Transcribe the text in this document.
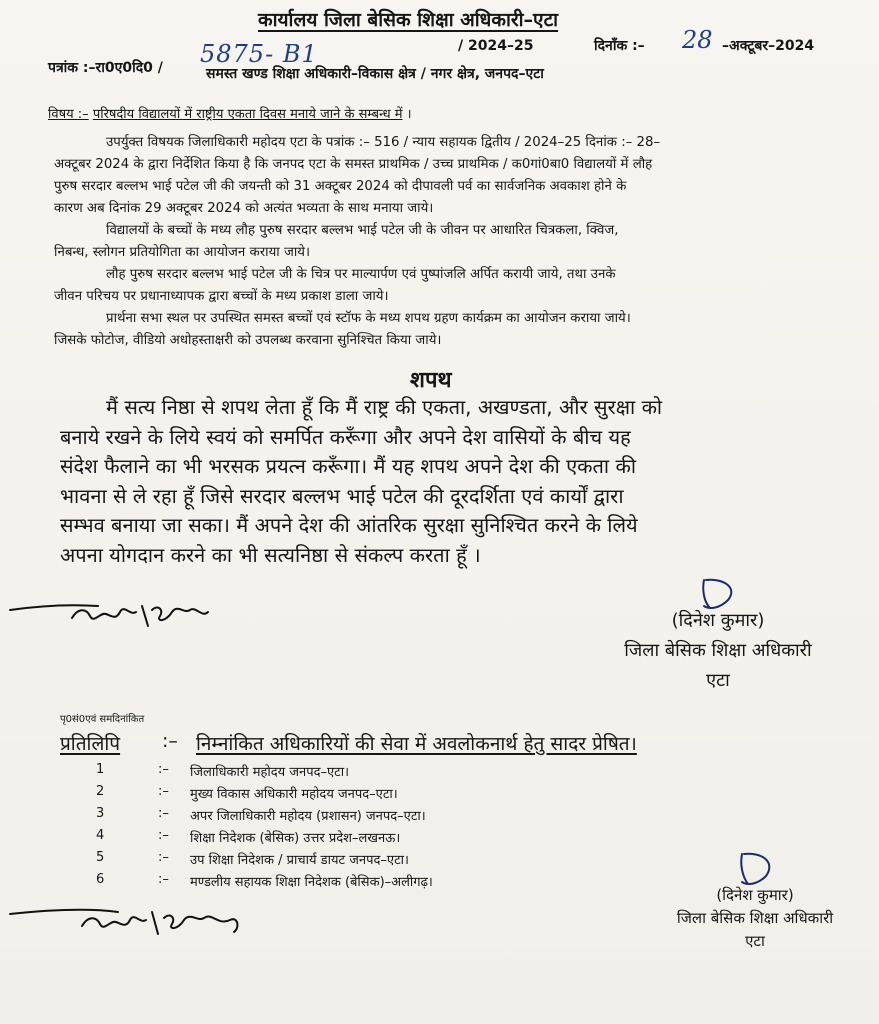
कार्यालय जिला बेसिक शिक्षा अधिकारी–एटा
पत्रांक :–रा0ए0दि0 / 5875- B1	/ 2024–25	दिनाँक :– 28 –अक्टूबर–2024
समस्त खण्ड शिक्षा अधिकारी–विकास क्षेत्र / नगर क्षेत्र, जनपद–एटा
विषय :– परिषदीय विद्यालयों में राष्ट्रीय एकता दिवस मनाये जाने के सम्बन्ध में ।
उपर्युक्त विषयक जिलाधिकारी महोदय एटा के पत्रांक :– 516 / न्याय सहायक द्वितीय / 2024–25 दिनांक :– 28–
अक्टूबर 2024 के द्वारा निर्देशित किया है कि जनपद एटा के समस्त प्राथमिक / उच्च प्राथमिक / क0गां0बा0 विद्यालयों में लौह
पुरुष सरदार बल्लभ भाई पटेल जी की जयन्ती को 31 अक्टूबर 2024 को दीपावली पर्व का सार्वजनिक अवकाश होने के
कारण अब दिनांक 29 अक्टूबर 2024 को अत्यंत भव्यता के साथ मनाया जाये।
विद्यालयों के बच्चों के मध्य लौह पुरुष सरदार बल्लभ भाई पटेल जी के जीवन पर आधारित चित्रकला, क्विज,
निबन्ध, स्लोगन प्रतियोगिता का आयोजन कराया जाये।
लौह पुरुष सरदार बल्लभ भाई पटेल जी के चित्र पर माल्यार्पण एवं पुष्पांजलि अर्पित करायी जाये, तथा उनके
जीवन परिचय पर प्रधानाध्यापक द्वारा बच्चों के मध्य प्रकाश डाला जाये।
प्रार्थना सभा स्थल पर उपस्थित समस्त बच्चों एवं स्टॉफ के मध्य शपथ ग्रहण कार्यक्रम का आयोजन कराया जाये।
जिसके फोटोज, वीडियो अधोहस्ताक्षरी को उपलब्ध करवाना सुनिश्चित किया जाये।
शपथ
मैं सत्य निष्ठा से शपथ लेता हूँ कि मैं राष्ट्र की एकता, अखण्डता, और सुरक्षा को
बनाये रखने के लिये स्वयं को समर्पित करूँगा और अपने देश वासियों के बीच यह
संदेश फैलाने का भी भरसक प्रयत्न करूँगा। मैं यह शपथ अपने देश की एकता की
भावना से ले रहा हूँ जिसे सरदार बल्लभ भाई पटेल की दूरदर्शिता एवं कार्यों द्वारा
सम्भव बनाया जा सका। मैं अपने देश की आंतरिक सुरक्षा सुनिश्चित करने के लिये
अपना योगदान करने का भी सत्यनिष्ठा से संकल्प करता हूँ ।
(दिनेश कुमार)
जिला बेसिक शिक्षा अधिकारी
एटा
पृ0सं0एवं समदिनांकित
प्रतिलिपि :– निम्नांकित अधिकारियों की सेवा में अवलोकनार्थ हेतु सादर प्रेषित।
1	:– जिलाधिकारी महोदय जनपद–एटा।
2	:– मुख्य विकास अधिकारी महोदय जनपद–एटा।
3	:– अपर जिलाधिकारी महोदय (प्रशासन) जनपद–एटा।
4	:– शिक्षा निदेशक (बेसिक) उत्तर प्रदेश–लखनऊ।
5	:– उप शिक्षा निदेशक / प्राचार्य डायट जनपद–एटा।
6	:– मण्डलीय सहायक शिक्षा निदेशक (बेसिक)–अलीगढ़।
(दिनेश कुमार)
जिला बेसिक शिक्षा अधिकारी
एटा
